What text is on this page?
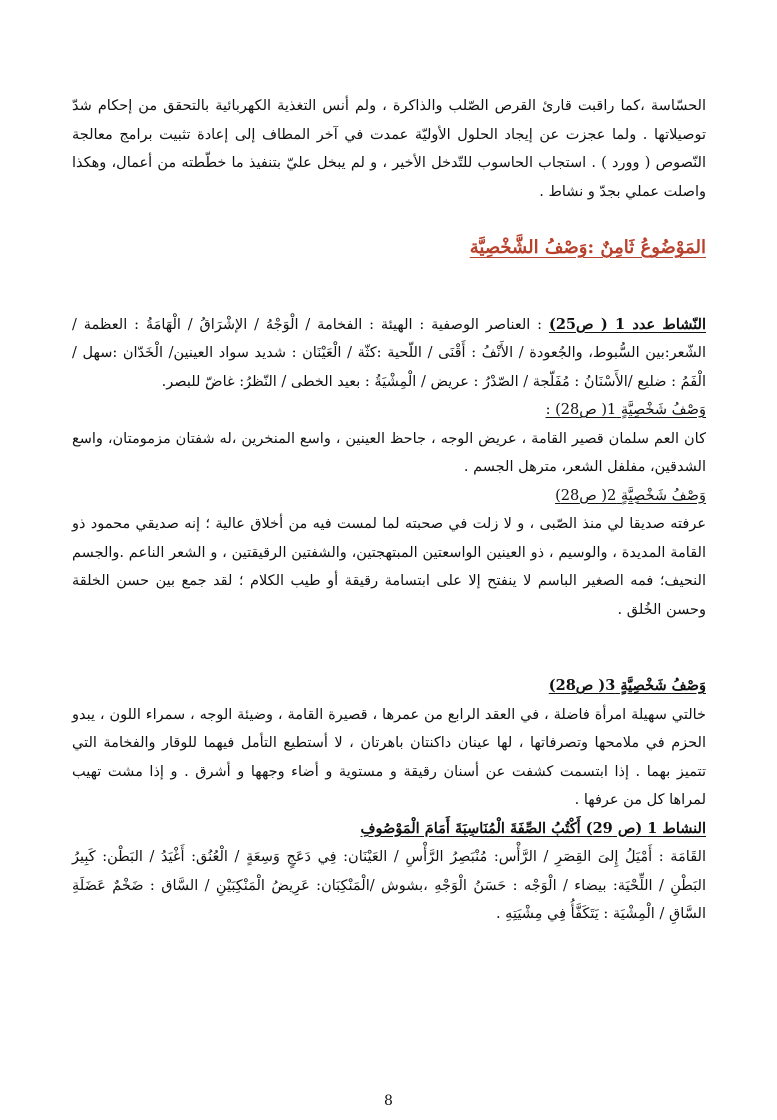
الحسّاسة ،كما راقبت قارئ القرص الصّلب والذاكرة ، ولم أنس التغذية الكهربائية بالتحقق من إحكام شدّ توصيلاتها . ولما عجزت عن إيجاد الحلول الأوليّة عمدت في آخر المطاف إلى إعادة تثبيت برامج معالجة النّصوص ( وورد ) . استجاب الحاسوب للتّدخل الأخير ، و لم يبخل عليّ بتنفيذ ما خطّطته من أعمال، وهكذا واصلت عملي بجدّ و نشاط .

المَوْضُوعُ ثَامِنٌ :وَصْفُ الشَّخْصِيَّة

النّشاط عدد 1 ( ص25) : العناصر الوصفية : الهيئة : الفخامة / الْوَجْهُ / الإشْرَاقُ / الْهَامَةُ : العظمة / الشّعر:بين السُّبوط، والجُعودة / الأَنْفُ : أَقْنَى / اللّحية :كثّة / الْعَيْنَان : شديد سواد العينين/ الْخَدّان :سهل / الْفَمُ : ضليع /الأَسْنَانُ : مُفَلّجة / الصّدْرُ : عريض / الْمِشْيَةُ : بعيد الخطى / النّظرُ: غاضّ للبصر.

وَصْفُ شَخْصِيَّةٍ 1( ص28) :

كان العم سلمان قصير القامة ، عريض الوجه ، جاحظ العينين ، واسع المنخرين ،له شفتان مزمومتان، واسع الشدقين، مفلفل الشعر، مترهل الجسم .

وَصْفُ شَخْصِيَّةٍ 2( ص28)

عرفته صديقا لي منذ الصّبى ، و لا زلت في صحبته لما لمست فيه من أخلاق عالية ؛ إنه صديقي محمود ذو القامة المديدة ، والوسيم ، ذو العينين الواسعتين المبتهجتين، والشفتين الرقيقتين ، و الشعر الناعم .والجسم النحيف؛ فمه الصغير الباسم لا ينفتح إلا على ابتسامة رقيقة أو طيب الكلام ؛ لقد جمع بين حسن الخلقة وحسن الخُلق .

وَصْفُ شَخْصِيَّةٍ 3( ص28)

خالتي سهيلة امرأة فاضلة ، في العقد الرابع من عمرها ، قصيرة القامة ، وضيئة الوجه ، سمراء اللون ، يبدو الحزم في ملامحها وتصرفاتها ، لها عينان داكنتان باهرتان ، لا أستطيع التأمل فيهما للوقار والفخامة التي تتميز بهما . إذا ابتسمت كشفت عن أسنان رقيقة و مستوية و أضاء وجهها و أشرق . و إذا مشت تهيب لمراها كل من عرفها .

النشاط 1 (ص 29) أَكْتُبُ الصِّفَةَ الْمُنَاسِبَةَ أَمَامَ الْمَوْصُوفِ

القَامَة : أَمْيَلُ إِلىَ القِصَرِ / الرَّأْس: مُنْبَصِرُ الرَّأْسِ / العَيْنَان: فِي دَعَجٍ وَسِعَةٍ / الْعُنُق: أَغْيَدُ / البَطْن: كَبِيرُ البَطْنِ / اللِّحْيَة: بيضاء / الْوَجْه : حَسَنُ الْوَجْهِ ،بشوش /الْمَنْكِبَان: عَرِيضُ الْمَنْكِبَيْنِ / السَّاق : ضَخْمٌ عَضَلَةِ السَّاقِ / الْمِشْيَة : يَتَكَفَّأُ فِي مِشْيَتِهِ .

8
